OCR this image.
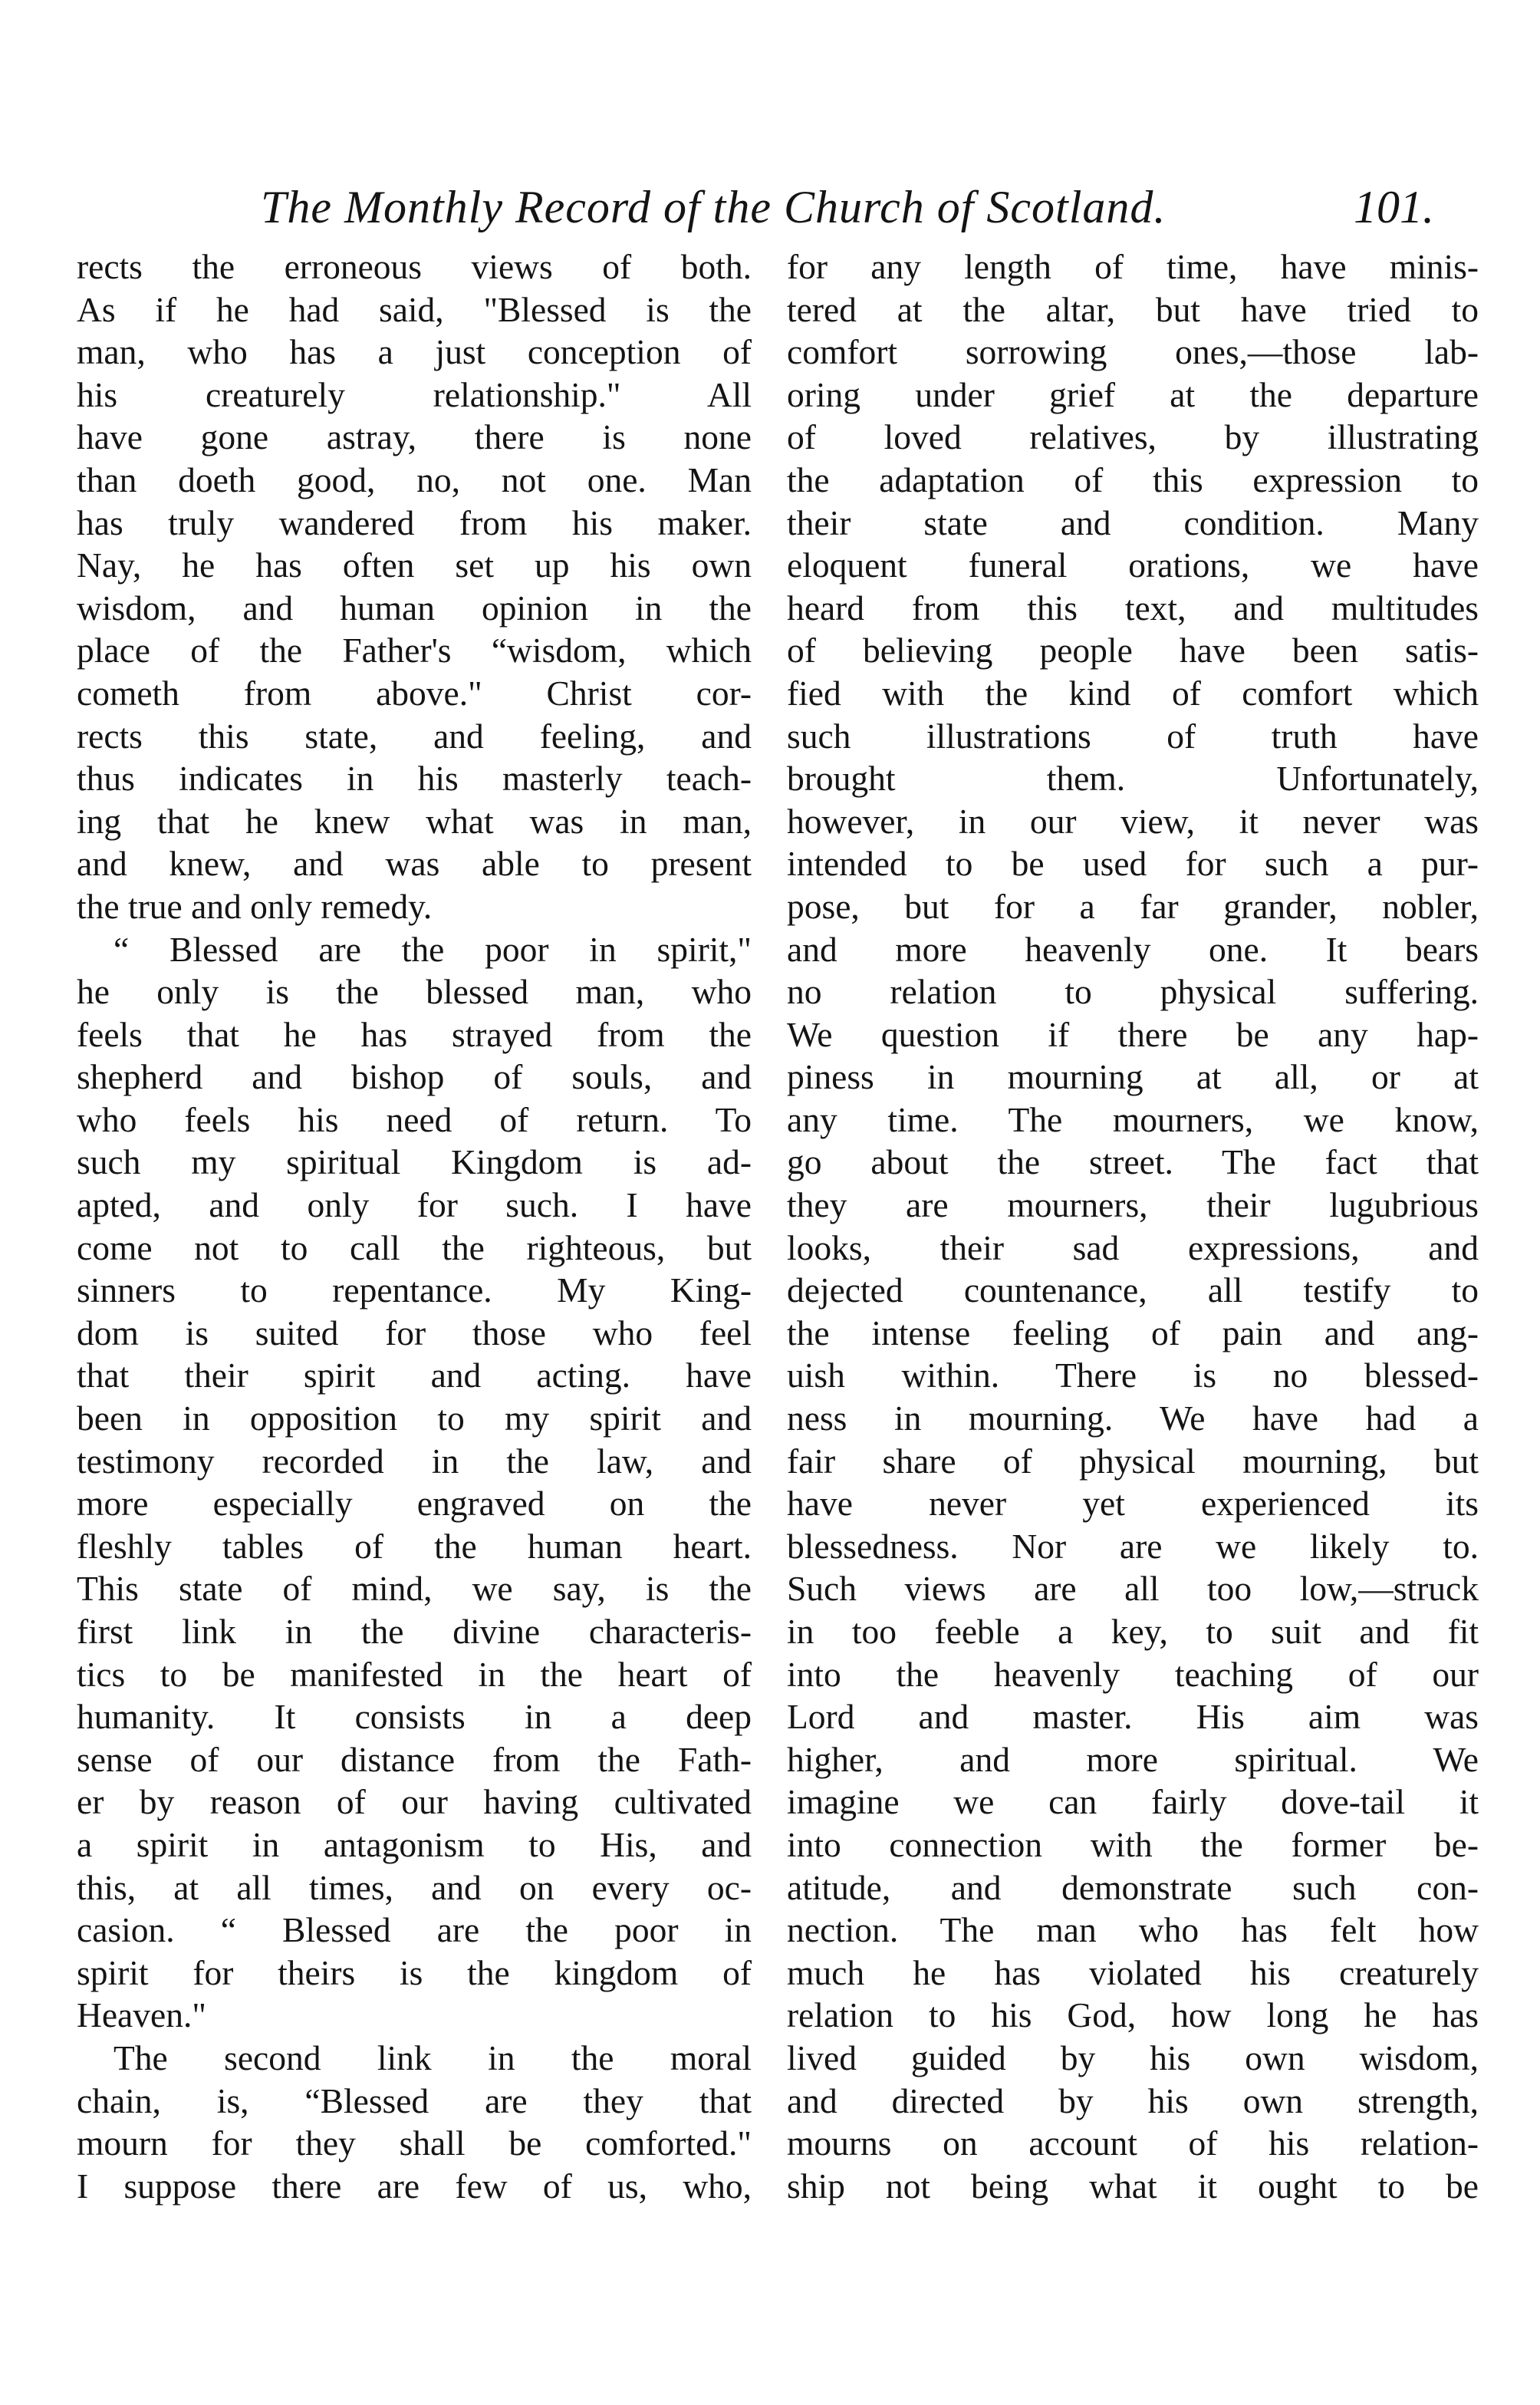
The Monthly Record of the Church of Scotland.	101.
rects the erroneous views of both.
As if he had said, "Blessed is the
man, who has a just conception of
his creaturely relationship." All
have gone astray, there is none
than doeth good, no, not one. Man
has truly wandered from his maker.
Nay, he has often set up his own
wisdom, and human opinion in the
place of the Father's “wisdom, which
cometh from above." Christ cor-
rects this state, and feeling, and
thus indicates in his masterly teach-
ing that he knew what was in man,
and knew, and was able to present
the true and only remedy.
“ Blessed are the poor in spirit,"
he only is the blessed man, who
feels that he has strayed from the
shepherd and bishop of souls, and
who feels his need of return. To
such my spiritual Kingdom is ad-
apted, and only for such. I have
come not to call the righteous, but
sinners to repentance. My King-
dom is suited for those who feel
that their spirit and acting. have
been in opposition to my spirit and
testimony recorded in the law, and
more especially engraved on the
fleshly tables of the human heart.
This state of mind, we say, is the
first link in the divine characteris-
tics to be manifested in the heart of
humanity. It consists in a deep
sense of our distance from the Fath-
er by reason of our having cultivated
a spirit in antagonism to His, and
this, at all times, and on every oc-
casion. “ Blessed are the poor in
spirit for theirs is the kingdom of
Heaven."
The second link in the moral
chain, is, “Blessed are they that
mourn for they shall be comforted."
I suppose there are few of us, who,
for any length of time, have minis-
tered at the altar, but have tried to
comfort sorrowing ones,—those lab-
oring under grief at the departure
of loved relatives, by illustrating
the adaptation of this expression to
their state and condition. Many
eloquent funeral orations, we have
heard from this text, and multitudes
of believing people have been satis-
fied with the kind of comfort which
such illustrations of truth have
brought them. Unfortunately,
however, in our view, it never was
intended to be used for such a pur-
pose, but for a far grander, nobler,
and more heavenly one. It bears
no relation to physical suffering.
We question if there be any hap-
piness in mourning at all, or at
any time. The mourners, we know,
go about the street. The fact that
they are mourners, their lugubrious
looks, their sad expressions, and
dejected countenance, all testify to
the intense feeling of pain and ang-
uish within. There is no blessed-
ness in mourning. We have had a
fair share of physical mourning, but
have never yet experienced its
blessedness. Nor are we likely to.
Such views are all too low,—struck
in too feeble a key, to suit and fit
into the heavenly teaching of our
Lord and master. His aim was
higher, and more spiritual. We
imagine we can fairly dove-tail it
into connection with the former be-
atitude, and demonstrate such con-
nection. The man who has felt how
much he has violated his creaturely
relation to his God, how long he has
lived guided by his own wisdom,
and directed by his own strength,
mourns on account of his relation-
ship not being what it ought to be
